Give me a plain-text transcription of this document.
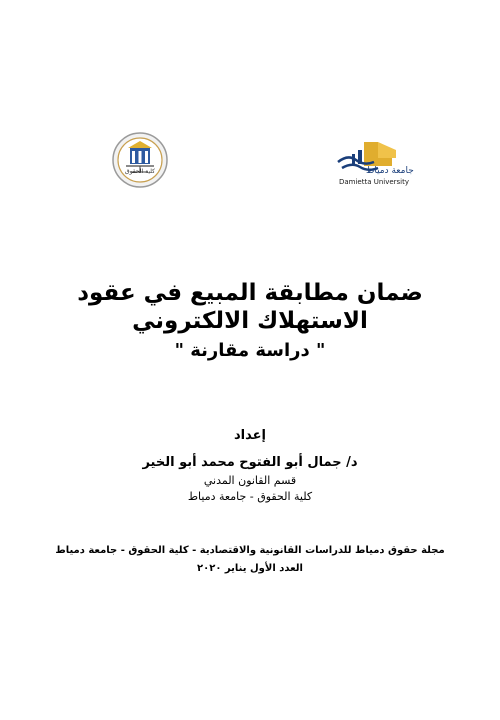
كلية الحقوق	جامعة دمياط
Damietta University
ضمان مطابقة المبيع في عقود
الاستهلاك الالكتروني
" دراسة مقارنة "
إعداد
د/ جمال أبو الفتوح محمد أبو الخير
قسم القانون المدني
كلية الحقوق - جامعة دمياط
مجلة حقوق دمياط للدراسات القانونية والاقتصادية - كلية الحقوق - جامعة دمياط
العدد الأول يناير ٢٠٢٠
